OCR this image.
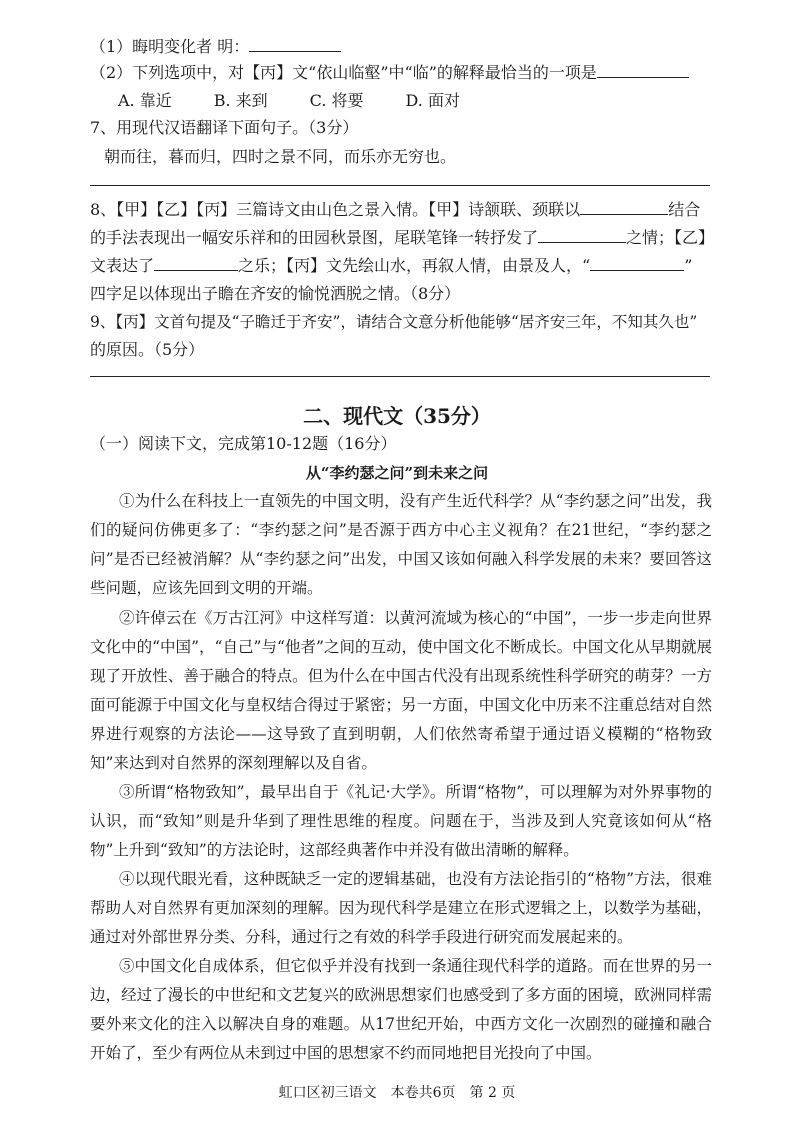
（1）晦明变化者 明：
（2）下列选项中，对【丙】文“依山临壑”中“临”的解释最恰当的一项是
A. 靠近	B. 来到	C. 将要	D. 面对
7、用现代汉语翻译下面句子。（3分）
朝而往，暮而归，四时之景不同，而乐亦无穷也。
8、【甲】【乙】【丙】三篇诗文由山色之景入情。【甲】诗颔联、颈联以	结合
的手法表现出一幅安乐祥和的田园秋景图，尾联笔锋一转抒发了	之情；【乙】
文表达了	之乐；【丙】文先绘山水，再叙人情，由景及人，“	”
四字足以体现出子瞻在齐安的愉悦洒脱之情。（8分）
9、【丙】文首句提及“子瞻迁于齐安”，请结合文意分析他能够“居齐安三年，不知其久也”
的原因。（5分）
二、现代文（35分）
（一）阅读下文，完成第10-12题（16分）
从“李约瑟之问”到未来之问
①为什么在科技上一直领先的中国文明，没有产生近代科学？从“李约瑟之问”出发，我们的疑问仿佛更多了：“李约瑟之问”是否源于西方中心主义视角？在21世纪，“李约瑟之问”是否已经被消解？从“李约瑟之问”出发，中国又该如何融入科学发展的未来？要回答这些问题，应该先回到文明的开端。
②许倬云在《万古江河》中这样写道：以黄河流域为核心的“中国”，一步一步走向世界文化中的“中国”，“自己”与“他者”之间的互动，使中国文化不断成长。中国文化从早期就展现了开放性、善于融合的特点。但为什么在中国古代没有出现系统性科学研究的萌芽？一方面可能源于中国文化与皇权结合得过于紧密；另一方面，中国文化中历来不注重总结对自然界进行观察的方法论——这导致了直到明朝，人们依然寄希望于通过语义模糊的“格物致知”来达到对自然界的深刻理解以及自省。
③所谓“格物致知”，最早出自于《礼记·大学》。所谓“格物”，可以理解为对外界事物的认识，而“致知”则是升华到了理性思维的程度。问题在于，当涉及到人究竟该如何从“格物”上升到“致知”的方法论时，这部经典著作中并没有做出清晰的解释。
④以现代眼光看，这种既缺乏一定的逻辑基础，也没有方法论指引的“格物”方法，很难帮助人对自然界有更加深刻的理解。因为现代科学是建立在形式逻辑之上，以数学为基础，通过对外部世界分类、分科，通过行之有效的科学手段进行研究而发展起来的。
⑤中国文化自成体系，但它似乎并没有找到一条通往现代科学的道路。而在世界的另一边，经过了漫长的中世纪和文艺复兴的欧洲思想家们也感受到了多方面的困境，欧洲同样需要外来文化的注入以解决自身的难题。从17世纪开始，中西方文化一次剧烈的碰撞和融合开始了，至少有两位从未到过中国的思想家不约而同地把目光投向了中国。
虹口区初三语文　本卷共6页　第 2 页
